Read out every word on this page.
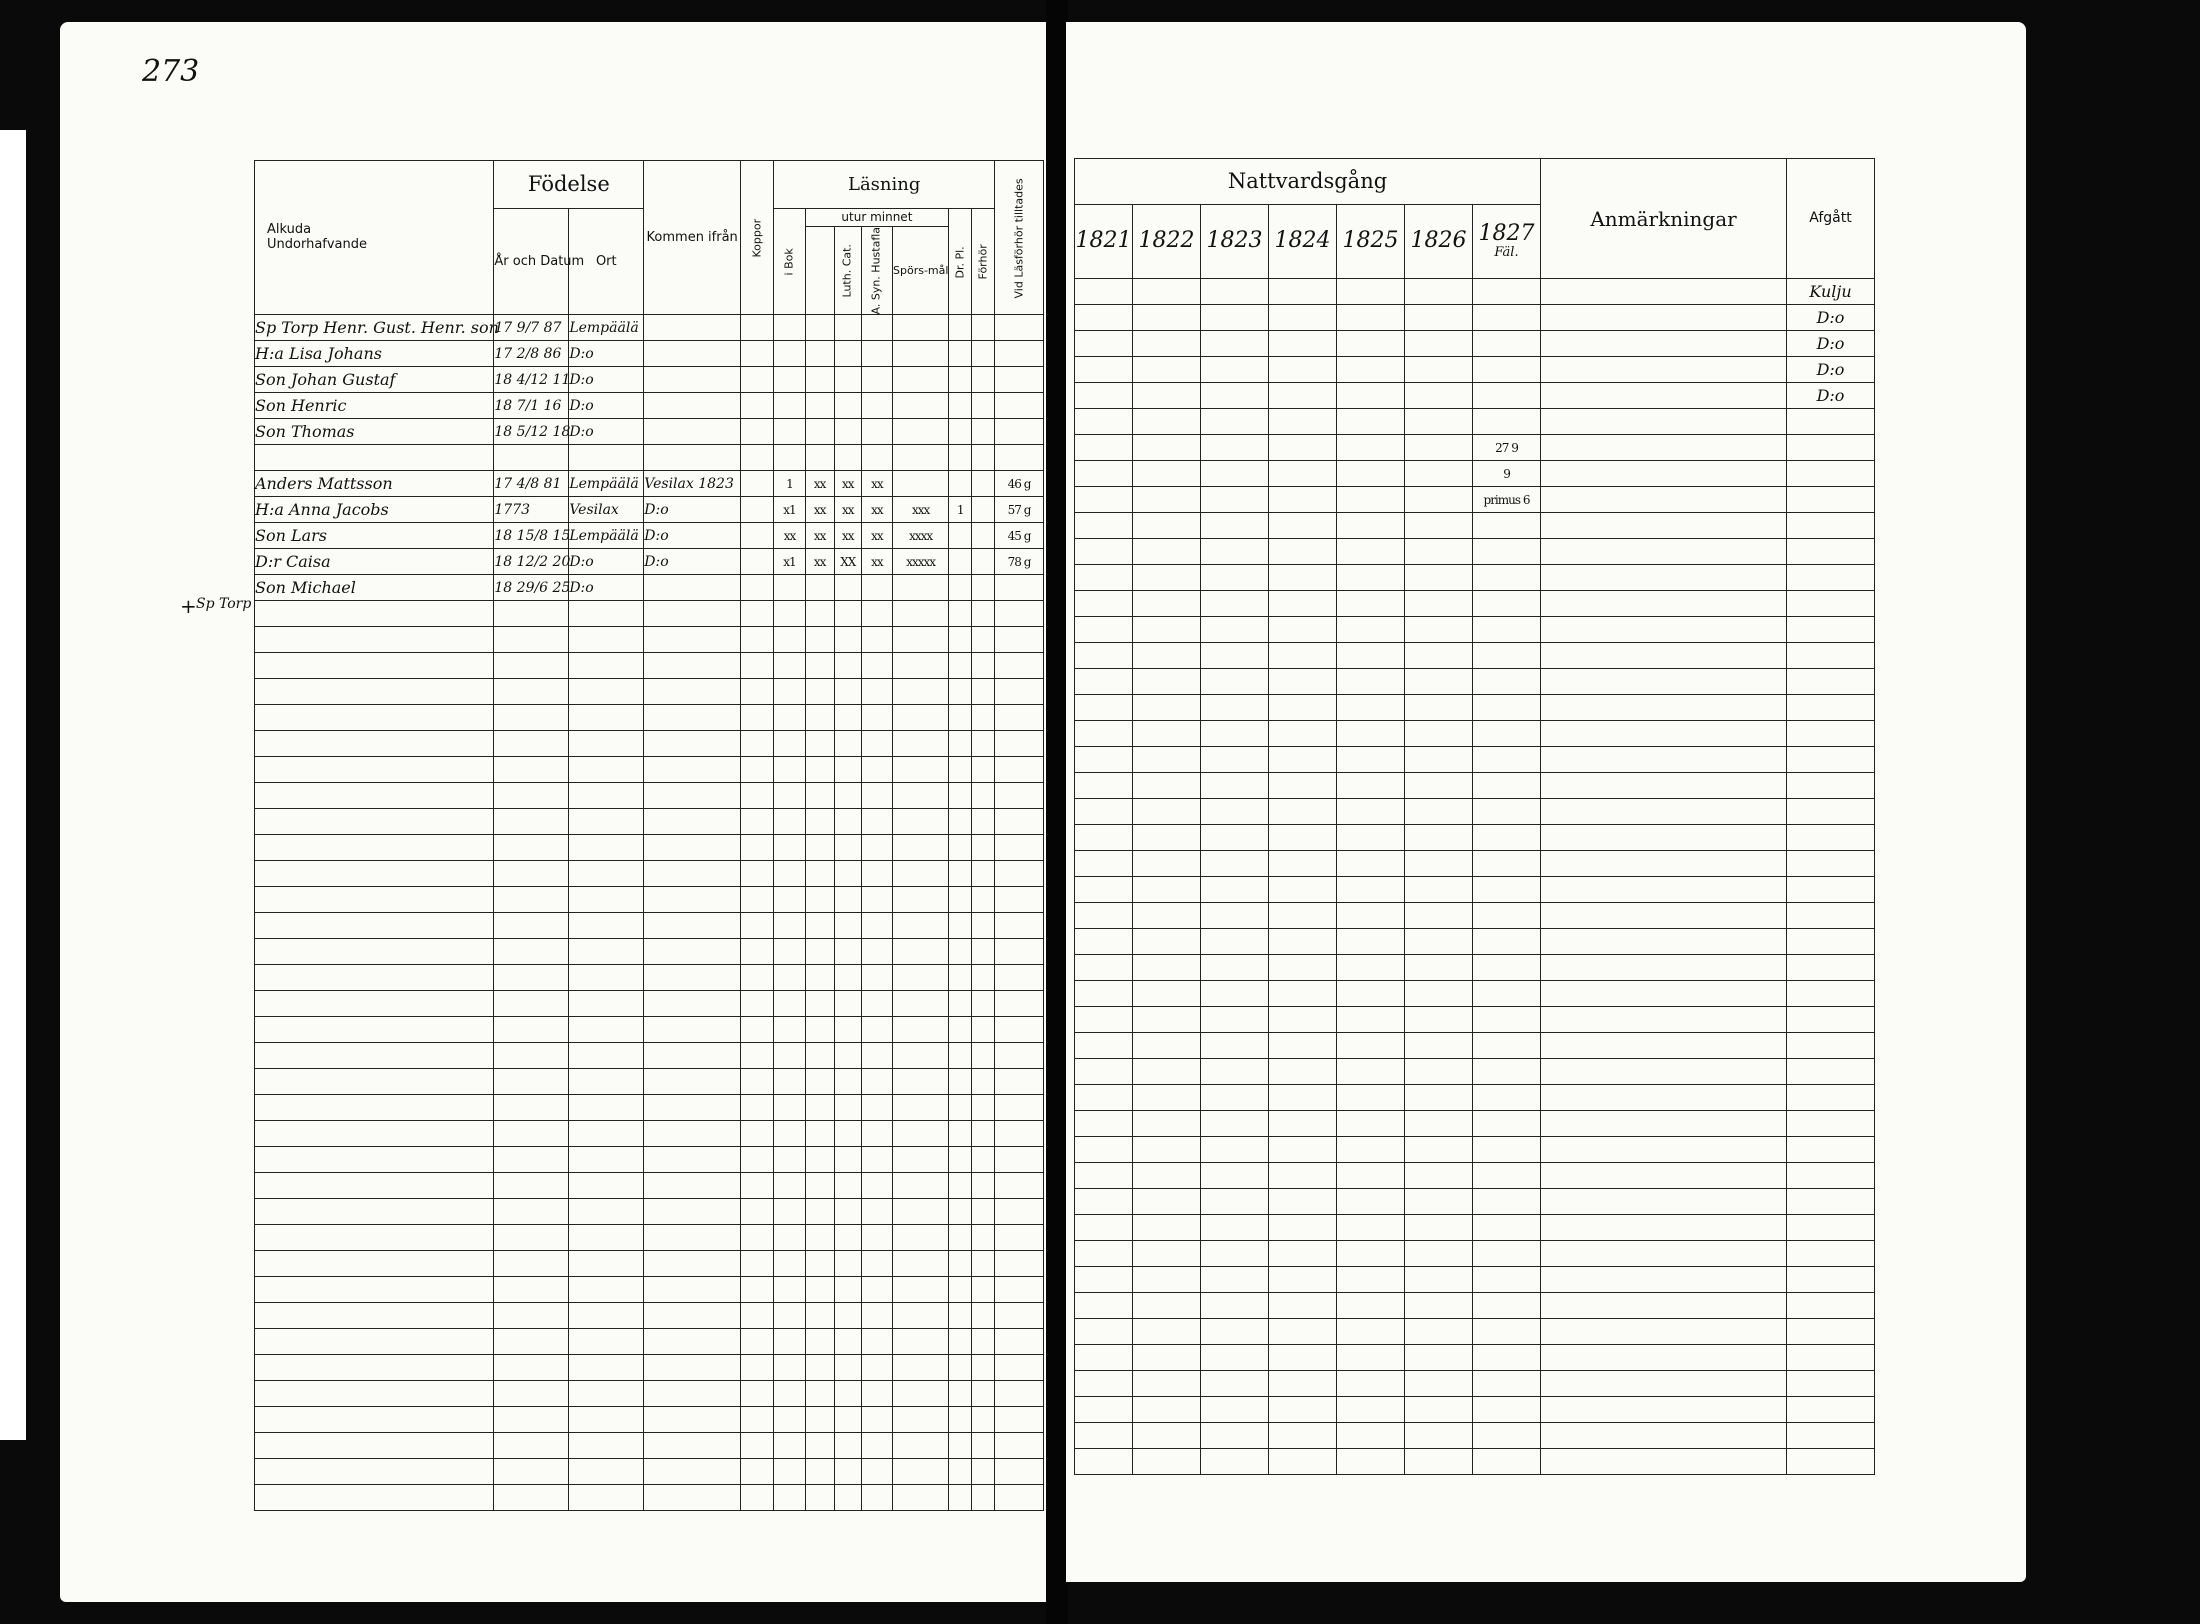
273
Sp Torp
+
Alkuda
Undorhafvande	Födelse		Kommen ifrån	Koppor	Läsning							Vid Läsförhör tilltades
	År och Datum	Ort			i Bok	utur minnet				Dr. Pl.	Förhör	
							Luth. Cat.	A. Syn. Hustafla	Spörs-mål			
Sp Torp Henr. Gust. Henr. son	17 9/7 87	Lempäälä										
H:a Lisa Johans	17 2/8 86	D:o										
Son Johan Gustaf	18 4/12 11	D:o										
Son Henric	18 7/1 16	D:o										
Son Thomas	18 5/12 18	D:o										

Anders Mattsson	17 4/8 81	Lempäälä	Vesilax 1823		1	xx	xx	xx				46 g
H:a Anna Jacobs	1773	Vesilax	D:o		x1	xx	xx	xx	xxx	1		57 g
Son Lars	18 15/8 15	Lempäälä	D:o		xx	xx	xx	xx	xxxx			45 g
D:r Caisa	18 12/2 20	D:o	D:o		x1	xx	XX	xx	xxxxx			78 g
Son Michael	18 29/6 25	D:o										

Nattvardsgång							Anmärkningar	Afgått
1821	1822	1823	1824	1825	1826	1827
Fäl.		

								Kulju
								D:o
								D:o
								D:o
								D:o

						27 9		
						9		
						primus 6		
